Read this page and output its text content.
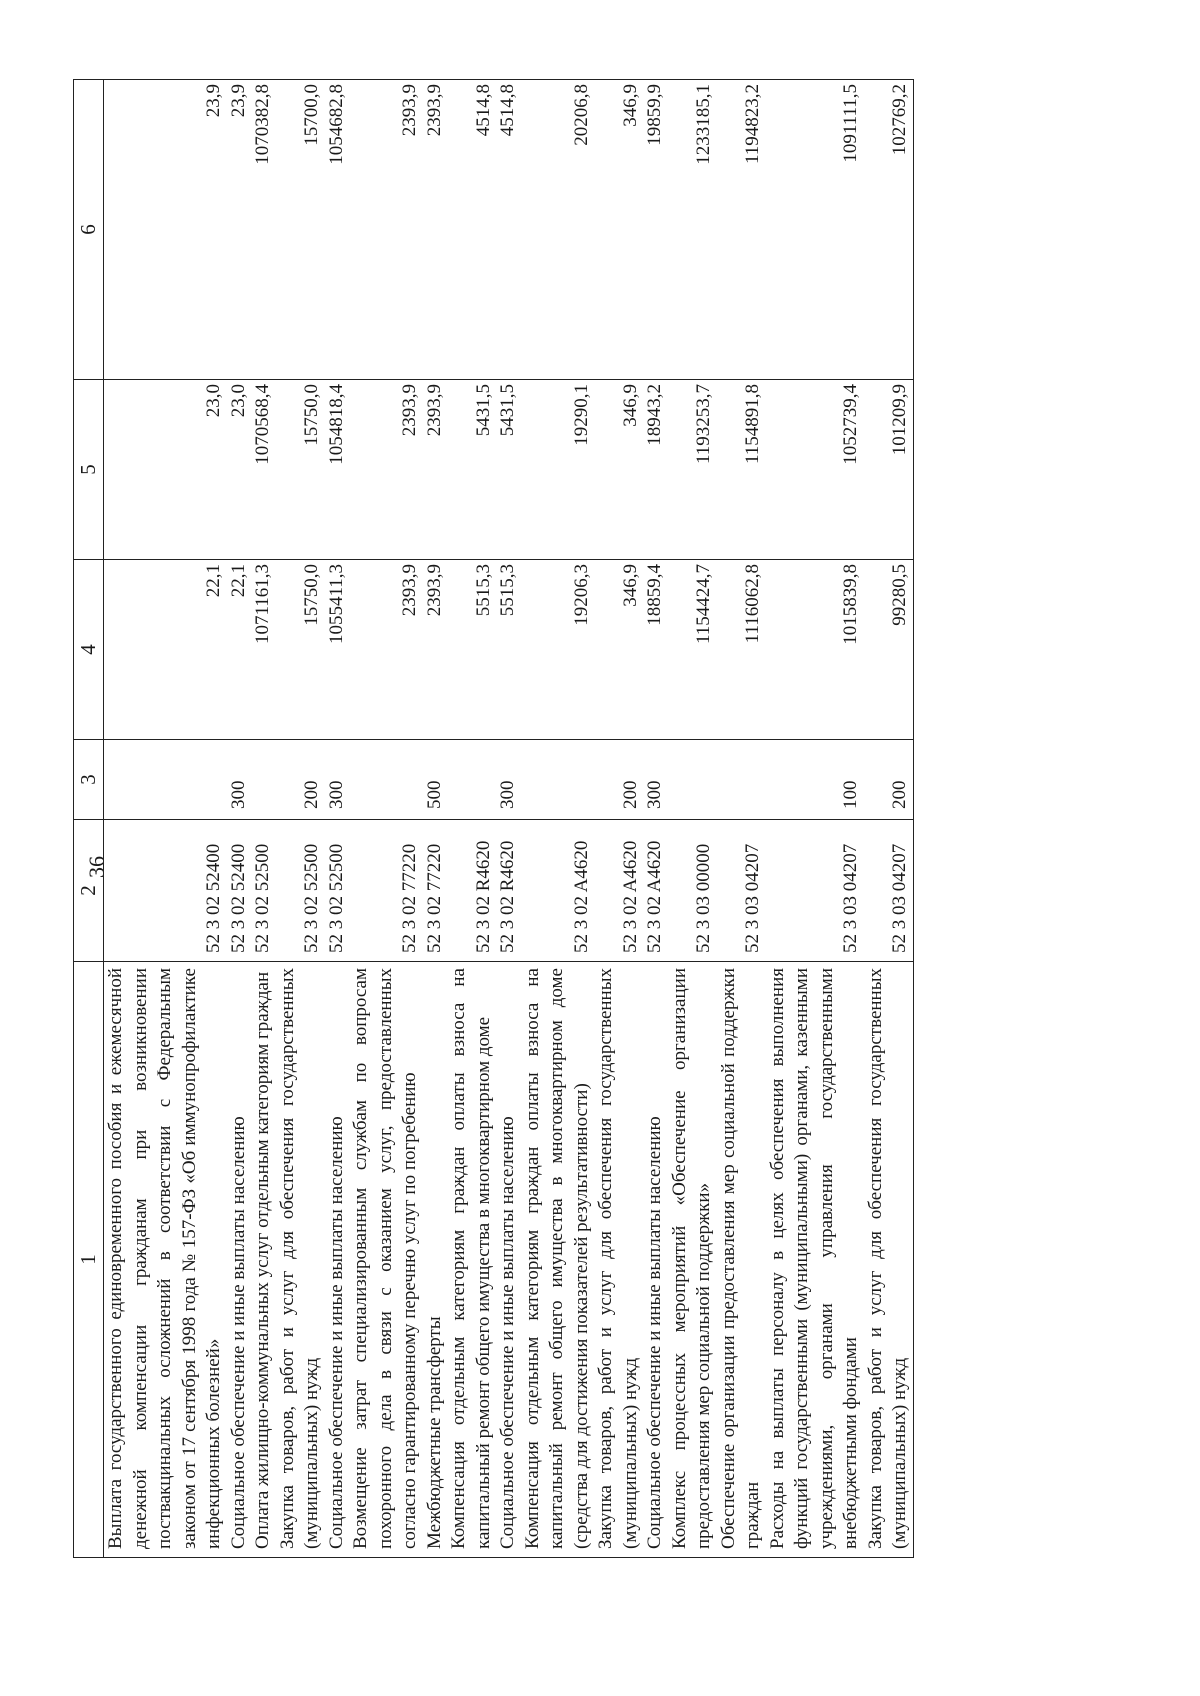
36
1	2	3	4	5	6
Выплата государственного единовременного пособия и ежемесячной денежной компенсации гражданам при возникновении поствакцинальных осложнений в соответствии с Федеральным законом от 17 сентября 1998 года № 157-ФЗ «Об иммунопрофилактике инфекционных болезней»	52 3 02 52400		22,1	23,0	23,9
Социальное обеспечение и иные выплаты населению	52 3 02 52400	300	22,1	23,0	23,9
Оплата жилищно-коммунальных услуг отдельным категориям граждан	52 3 02 52500		1071161,3	1070568,4	1070382,8
Закупка товаров, работ и услуг для обеспечения государственных (муниципальных) нужд	52 3 02 52500	200	15750,0	15750,0	15700,0
Социальное обеспечение и иные выплаты населению	52 3 02 52500	300	1055411,3	1054818,4	1054682,8
Возмещение затрат специализированным службам по вопросам похоронного дела в связи с оказанием услуг, предоставленных согласно гарантированному перечню услуг по погребению	52 3 02 77220		2393,9	2393,9	2393,9
Межбюджетные трансферты	52 3 02 77220	500	2393,9	2393,9	2393,9
Компенсация отдельным категориям граждан оплаты взноса на капитальный ремонт общего имущества в многоквартирном доме	52 3 02 R4620		5515,3	5431,5	4514,8
Социальное обеспечение и иные выплаты населению	52 3 02 R4620	300	5515,3	5431,5	4514,8
Компенсация отдельным категориям граждан оплаты взноса на капитальный ремонт общего имущества в многоквартирном доме (средства для достижения показателей результативности)	52 3 02 A4620		19206,3	19290,1	20206,8
Закупка товаров, работ и услуг для обеспечения государственных (муниципальных) нужд	52 3 02 A4620	200	346,9	346,9	346,9
Социальное обеспечение и иные выплаты населению	52 3 02 A4620	300	18859,4	18943,2	19859,9
Комплекс процессных мероприятий «Обеспечение организации предоставления мер социальной поддержки»	52 3 03 00000		1154424,7	1193253,7	1233185,1
Обеспечение организации предоставления мер социальной поддержки граждан	52 3 03 04207		1116062,8	1154891,8	1194823,2
Расходы на выплаты персоналу в целях обеспечения выполнения функций государственными (муниципальными) органами, казенными учреждениями, органами управления государственными внебюджетными фондами	52 3 03 04207	100	1015839,8	1052739,4	1091111,5
Закупка товаров, работ и услуг для обеспечения государственных (муниципальных) нужд	52 3 03 04207	200	99280,5	101209,9	102769,2
